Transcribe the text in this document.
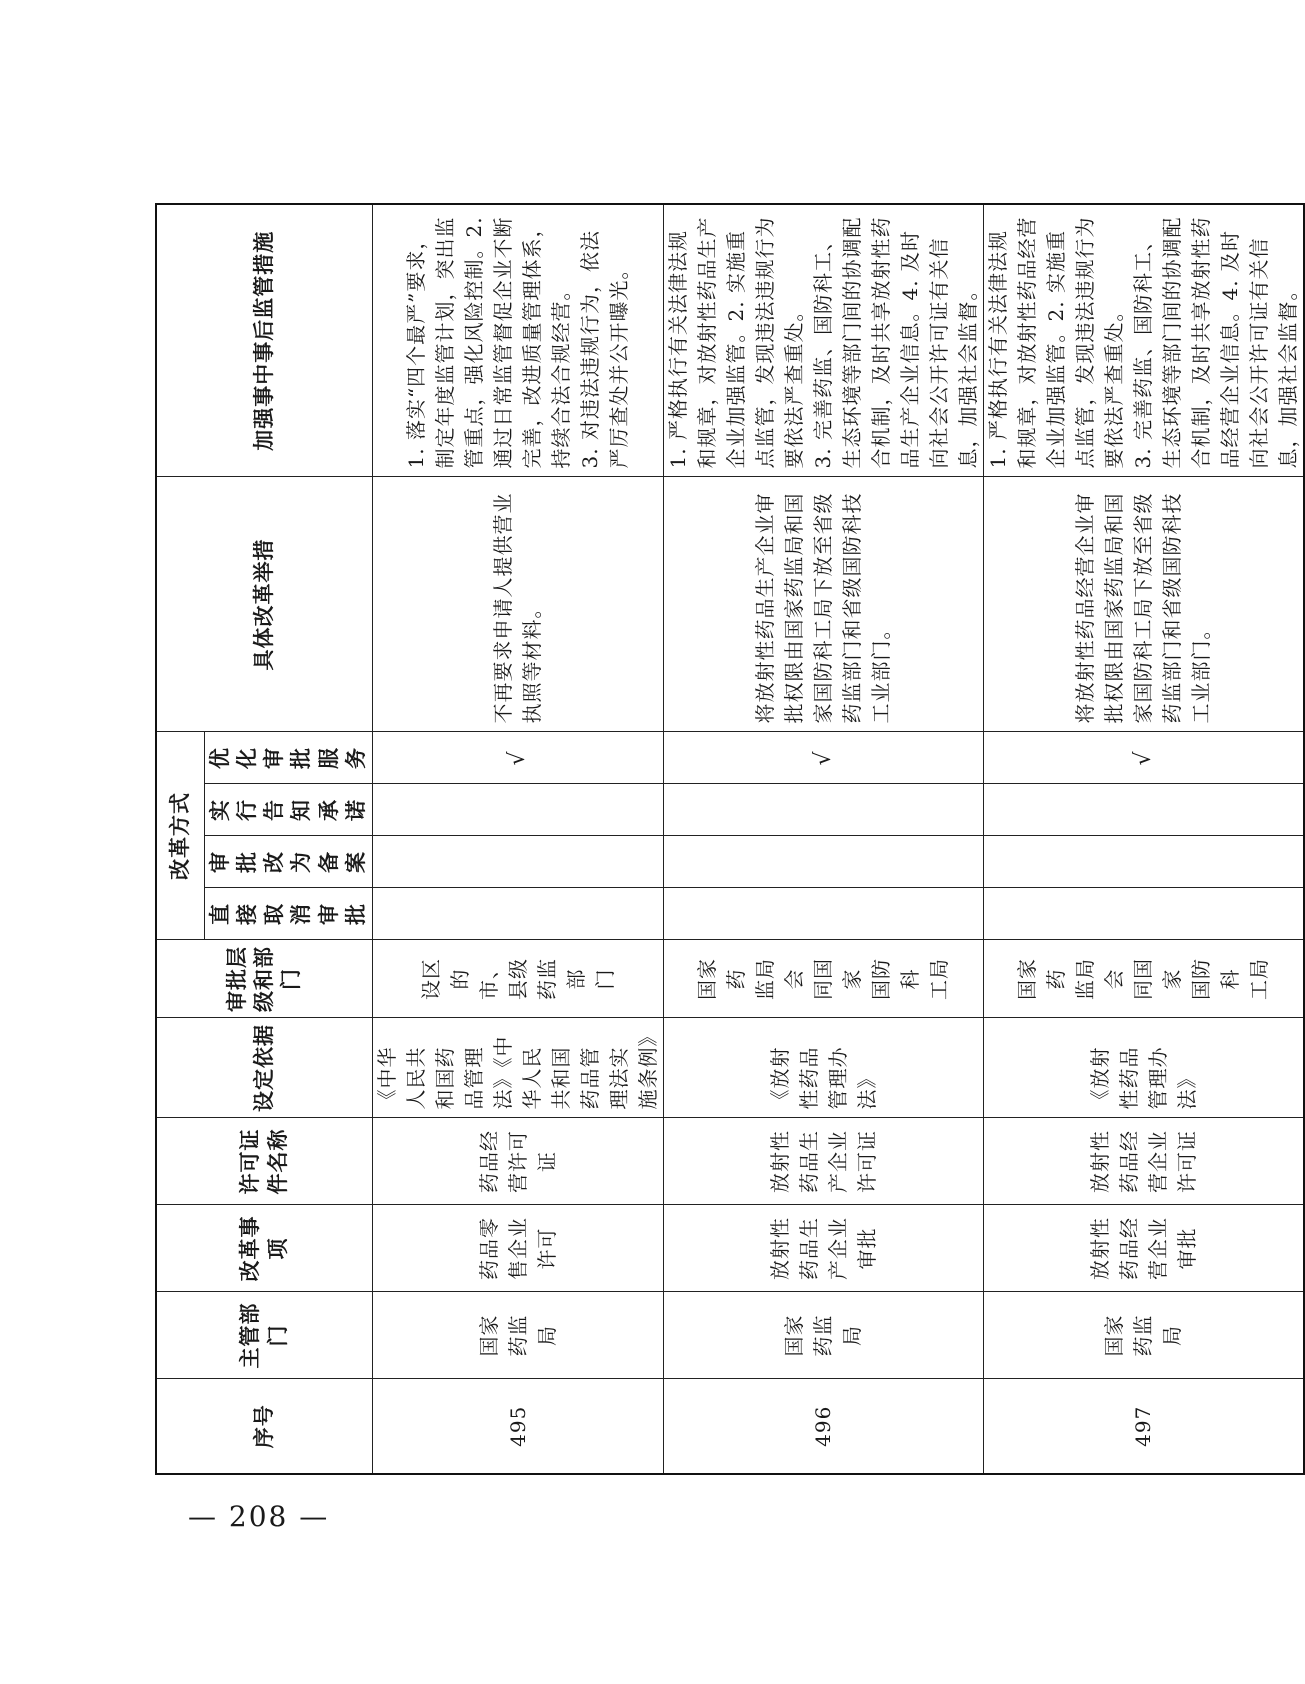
序号	主管部门	改革事项	许可证件名称	设定依据	审批层级和部门	改革方式				具体改革举措	加强事中事后监管措施
						直接取消审批	审批改为备案	实行告知承诺	优化审批服务		
495	国家
药监
局	药品零
售企业
许可	药品经
营许可
证	《中华人民共和国药品管理法》《中华人民共和国药品管理法实施条例》	设区的
市、县级
药监部
门				√	不再要求申请人提供营业执照等材料。	1. 落实“四个最严”要求，制定年度监管计划，突出监管重点，强化风险控制。2. 通过日常监管督促企业不断完善，改进质量管理体系，持续合法合规经营。
3. 对违法违规行为，依法严厉查处并公开曝光。
496	国家
药监
局	放射性
药品生
产企业
审批	放射性
药品生
产企业
许可证	《放射性药品管理办法》	国家药
监局会
同国家
国防科
工局				√	将放射性药品生产企业审批权限由国家药监局和国家国防科工局下放至省级药监部门和省级国防科技工业部门。	1. 严格执行有关法律法规和规章，对放射性药品生产企业加强监管。2. 实施重点监管，发现违法违规行为要依法严查重处。
3. 完善药监、国防科工、生态环境等部门间的协调配合机制，及时共享放射性药品生产企业信息。4. 及时向社会公开许可证有关信息，加强社会监督。
497	国家
药监
局	放射性
药品经
营企业
审批	放射性
药品经
营企业
许可证	《放射性药品管理办法》	国家药
监局会
同国家
国防科
工局				√	将放射性药品经营企业审批权限由国家药监局和国家国防科工局下放至省级药监部门和省级国防科技工业部门。	1. 严格执行有关法律法规和规章，对放射性药品经营企业加强监管。2. 实施重点监管，发现违法违规行为要依法严查重处。
3. 完善药监、国防科工、生态环境等部门间的协调配合机制，及时共享放射性药品经营企业信息。4. 及时向社会公开许可证有关信息，加强社会监督。
— 208 —
